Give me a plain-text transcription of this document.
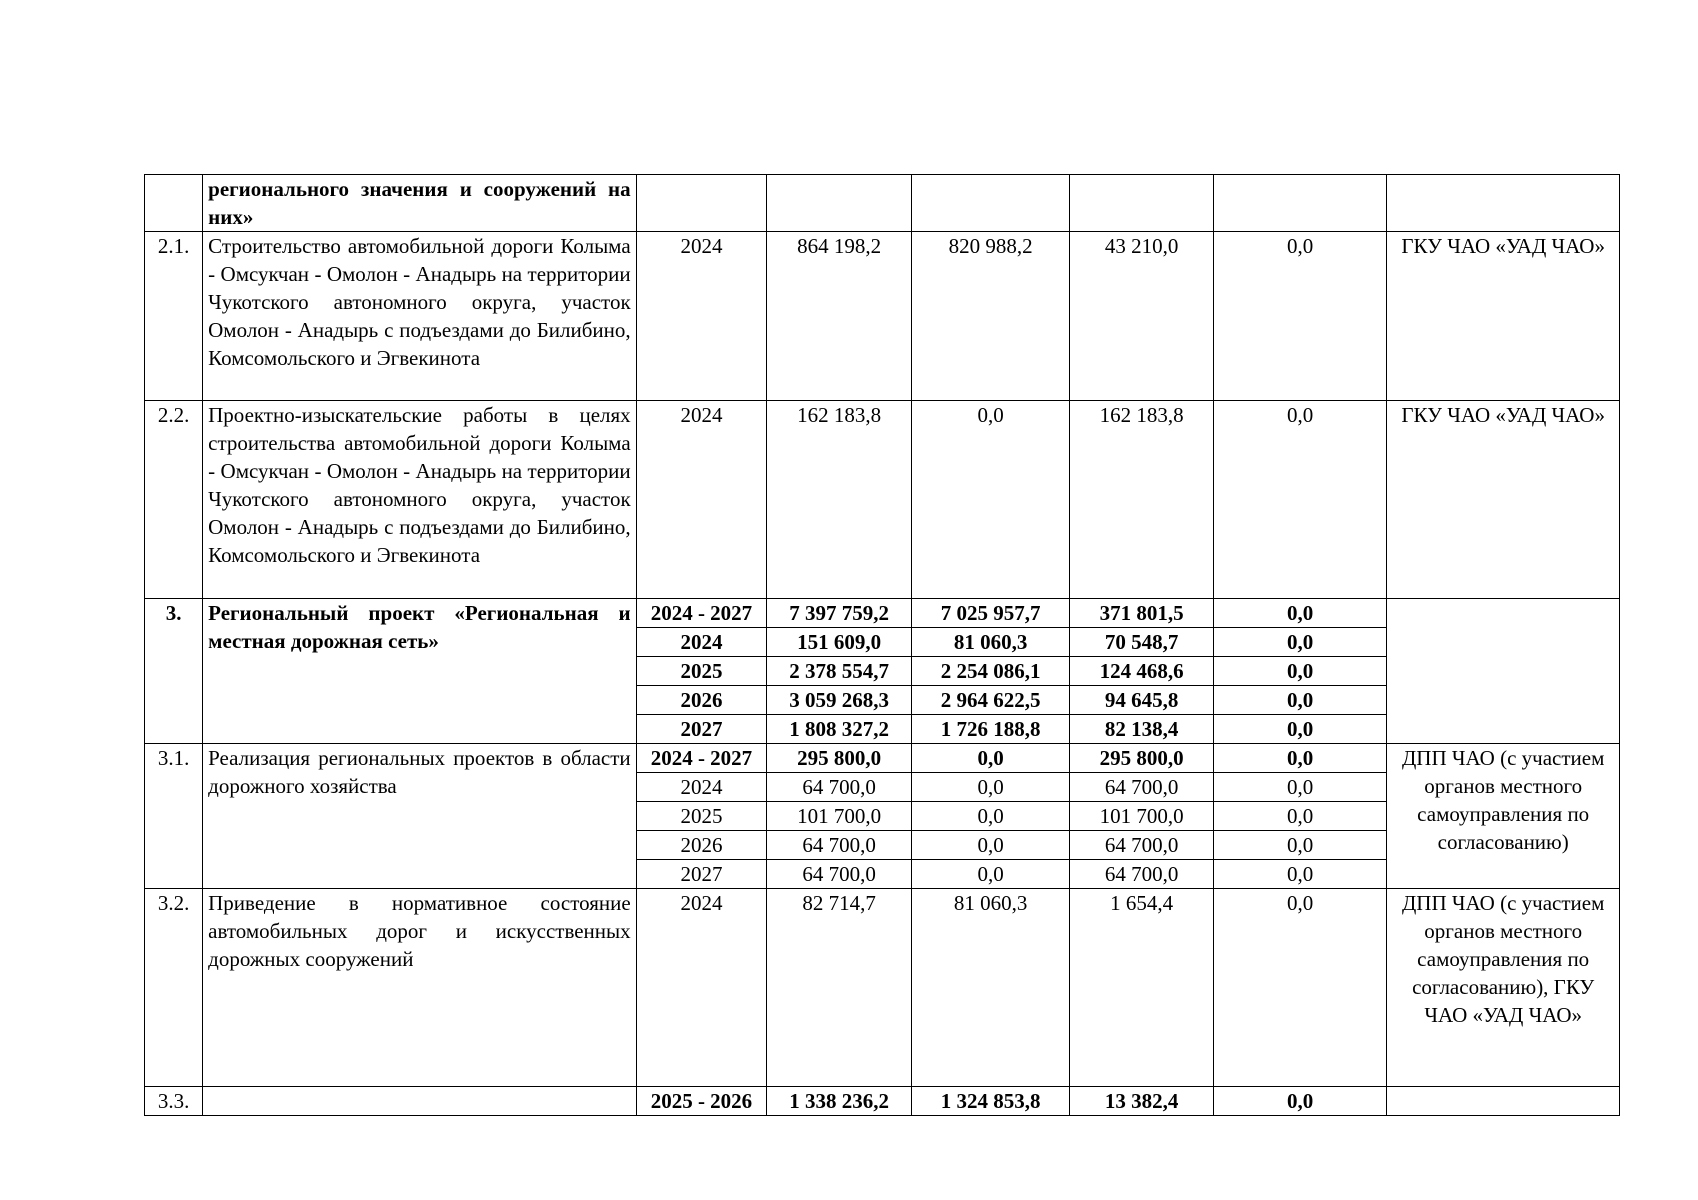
	регионального значения и сооружений на них»						
2.1.	Строительство автомобильной дороги Колыма - Омсукчан - Омолон - Анадырь на территории Чукотского автономного округа, участок Омолон - Анадырь с подъездами до Билибино, Комсомольского и Эгвекинота	2024	864 198,2	820 988,2	43 210,0	0,0	ГКУ ЧАО «УАД ЧАО»
2.2.	Проектно-изыскательские работы в целях строительства автомобильной дороги Колыма - Омсукчан - Омолон - Анадырь на территории Чукотского автономного округа, участок Омолон - Анадырь с подъездами до Билибино, Комсомольского и Эгвекинота	2024	162 183,8	0,0	162 183,8	0,0	ГКУ ЧАО «УАД ЧАО»
3.	Региональный проект «Региональная и местная дорожная сеть»	2024 - 2027	7 397 759,2	7 025 957,7	371 801,5	0,0	
		2024	151 609,0	81 060,3	70 548,7	0,0	
		2025	2 378 554,7	2 254 086,1	124 468,6	0,0	
		2026	3 059 268,3	2 964 622,5	94 645,8	0,0	
		2027	1 808 327,2	1 726 188,8	82 138,4	0,0	
3.1.	Реализация региональных проектов в области дорожного хозяйства	2024 - 2027	295 800,0	0,0	295 800,0	0,0	ДПП ЧАО (с участием органов местного самоуправления по согласованию)
		2024	64 700,0	0,0	64 700,0	0,0	
		2025	101 700,0	0,0	101 700,0	0,0	
		2026	64 700,0	0,0	64 700,0	0,0	
		2027	64 700,0	0,0	64 700,0	0,0	
3.2.	Приведение в нормативное состояние автомобильных дорог и искусственных дорожных сооружений	2024	82 714,7	81 060,3	1 654,4	0,0	ДПП ЧАО (с участием органов местного самоуправления по согласованию), ГКУ ЧАО «УАД ЧАО»
3.3.		2025 - 2026	1 338 236,2	1 324 853,8	13 382,4	0,0	
